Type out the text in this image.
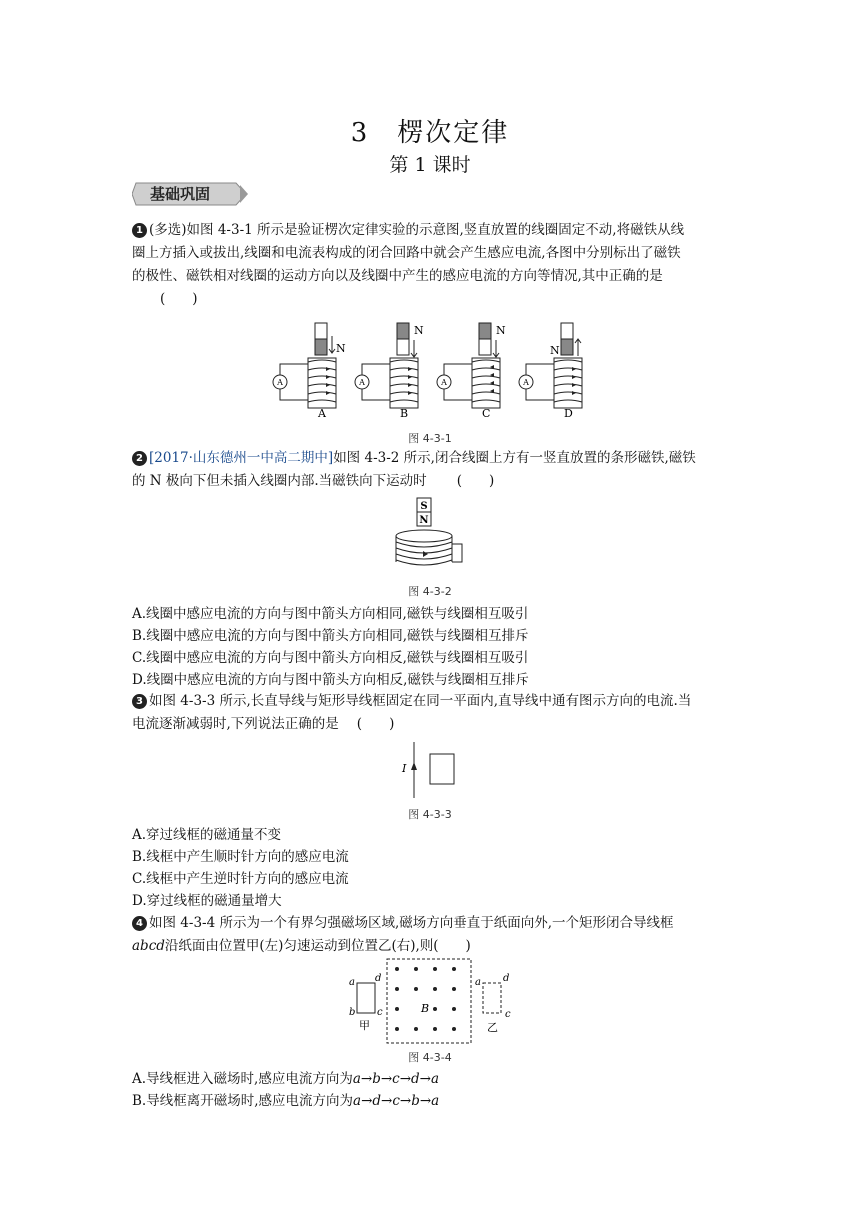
3　楞次定律
第 1 课时
基础巩固
1 (多选)如图 4-3-1 所示是验证楞次定律实验的示意图,竖直放置的线圈固定不动,将磁铁从线
圈上方插入或拔出,线圈和电流表构成的闭合回路中就会产生感应电流,各图中分别标出了磁铁
的极性、磁铁相对线圈的运动方向以及线圈中产生的感应电流的方向等情况,其中正确的是
(　　)
A
N
A
A
N
B
A
N
C
A
N
D
图 4-3-1
2 [2017·山东德州一中高二期中]如图 4-3-2 所示,闭合线圈上方有一竖直放置的条形磁铁,磁铁
的 N 极向下但未插入线圈内部.当磁铁向下运动时 (　　)
S
N
图 4-3-2
A.线圈中感应电流的方向与图中箭头方向相同,磁铁与线圈相互吸引
B.线圈中感应电流的方向与图中箭头方向相同,磁铁与线圈相互排斥
C.线圈中感应电流的方向与图中箭头方向相反,磁铁与线圈相互吸引
D.线圈中感应电流的方向与图中箭头方向相反,磁铁与线圈相互排斥
3 如图 4-3-3 所示,长直导线与矩形导线框固定在同一平面内,直导线中通有图示方向的电流.当
电流逐渐减弱时,下列说法正确的是 (　　)
I
图 4-3-3
A.穿过线框的磁通量不变
B.线框中产生顺时针方向的感应电流
C.线框中产生逆时针方向的感应电流
D.穿过线框的磁通量增大
4 如图 4-3-4 所示为一个有界匀强磁场区域,磁场方向垂直于纸面向外,一个矩形闭合导线框
abcd沿纸面由位置甲(左)匀速运动到位置乙(右),则(　　)
a
b c
d
甲
B
a d
c
乙
图 4-3-4
A.导线框进入磁场时,感应电流方向为a→b→c→d→a
B.导线框离开磁场时,感应电流方向为a→d→c→b→a
